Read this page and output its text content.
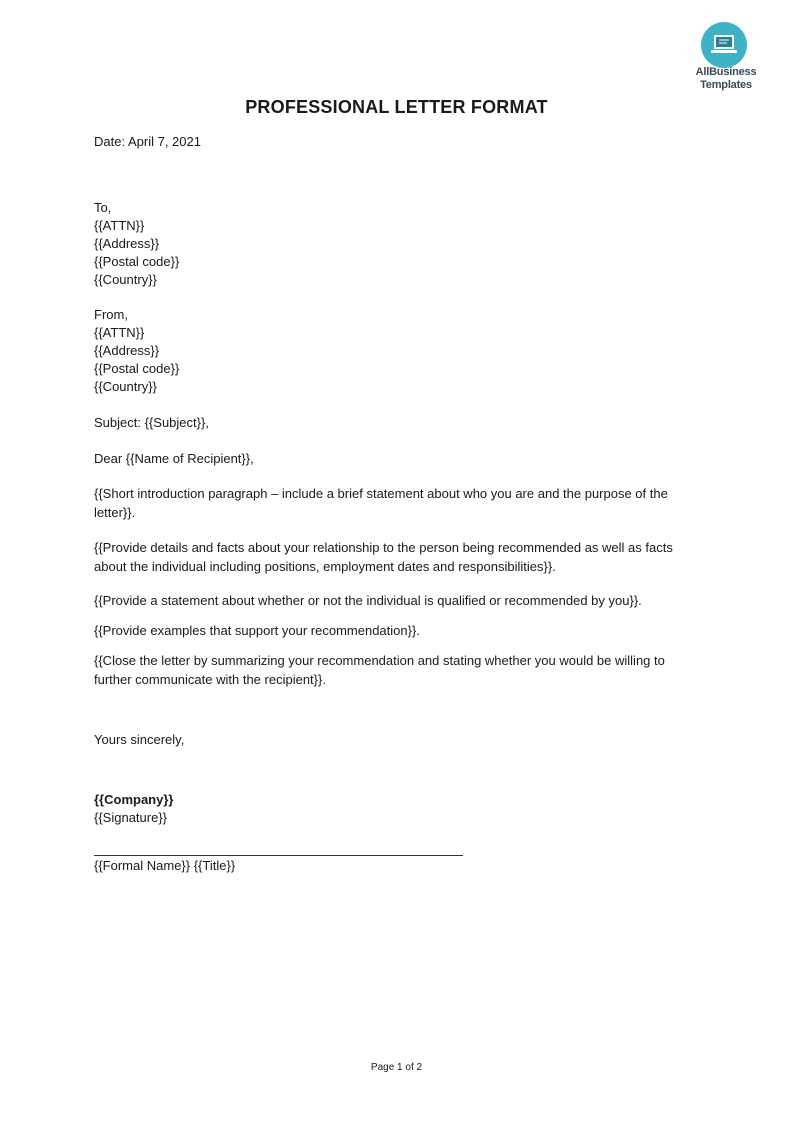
AllBusiness
Templates
PROFESSIONAL LETTER FORMAT
Date: April 7, 2021
To,
{{ATTN}}
{{Address}}
{{Postal code}}
{{Country}}
From,
{{ATTN}}
{{Address}}
{{Postal code}}
{{Country}}
Subject: {{Subject}},
Dear {{Name of Recipient}},
{{Short introduction paragraph – include a brief statement about who you are and the purpose of the letter}}.
{{Provide details and facts about your relationship to the person being recommended as well as facts about the individual including positions, employment dates and responsibilities}}.
{{Provide a statement about whether or not the individual is qualified or recommended by you}}.
{{Provide examples that support your recommendation}}.
{{Close the letter by summarizing your recommendation and stating whether you would be willing to further communicate with the recipient}}.
Yours sincerely,
{{Company}}
{{Signature}}
{{Formal Name}} {{Title}}
Page 1 of 2
